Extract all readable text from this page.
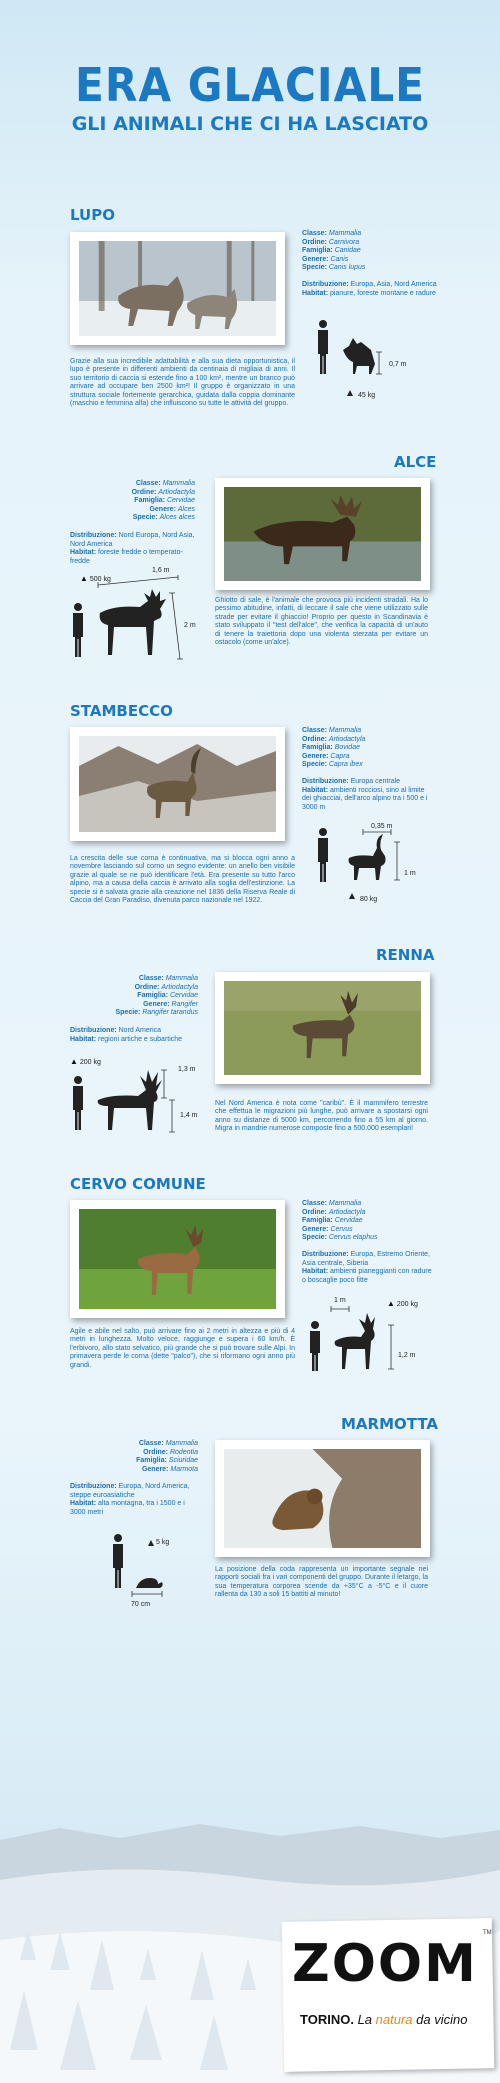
ERA GLACIALE
GLI ANIMALI CHE CI HA LASCIATO
LUPO
Classe: Mammalia
Ordine: Carnivora
Famiglia: Canidae
Genere: Canis
Specie: Canis lupus
Distribuzione: Europa, Asia, Nord America
Habitat: pianure, foreste montane e radure
0,7 m
45 kg
Grazie alla sua incredibile adattabilità e alla sua dieta opportunistica, il lupo è presente in differenti ambienti da centinaia di migliaia di anni. Il suo territorio di caccia si estende fino a 100 km², mentre un branco può arrivare ad occupare ben 2500 km²! Il gruppo è organizzato in una struttura sociale fortemente gerarchica, guidata dalla coppia dominante (maschio e femmina alfa) che influiscono su tutte le attività del gruppo.
ALCE
Classe: Mammalia
Ordine: Artiodactyla
Famiglia: Cervidae
Genere: Alces
Specie: Alces alces
Distribuzione: Nord Europa, Nord Asia, Nord America
Habitat: foreste fredde o temperato-fredde
▲ 500 kg
1,6 m
2 m
Ghiotto di sale, è l'animale che provoca più incidenti stradali. Ha lo pessimo abitudine, infatti, di leccare il sale che viene utilizzato sulle strade per evitare il ghiaccio! Proprio per questo in Scandinavia è stato sviluppato il "test dell'alce", che verifica la capacità di un'auto di tenere la traiettoria dopo una violenta sterzata per evitare un ostacolo (come un'alce).
STAMBECCO
Classe: Mammalia
Ordine: Artiodactyla
Famiglia: Bovidae
Genere: Capra
Specie: Capra ibex
Distribuzione: Europa centrale
Habitat: ambienti rocciosi, sino al limite dei ghiacciai, dell'arco alpino tra i 500 e i 3000 m
0,35 m
1 m
80 kg
La crescita delle sue corna è continuativa, ma si blocca ogni anno a novembre lasciando sul corno un segno evidente: un anello ben visibile grazie al quale se ne può identificare l'età. Era presente su tutto l'arco alpino, ma a causa della caccia è arrivato alla soglia dell'estinzione. La specie si è salvata grazie alla creazione nel 1836 della Riserva Reale di Caccia del Gran Paradiso, divenuta parco nazionale nel 1922.
RENNA
Classe: Mammalia
Ordine: Artiodactyla
Famiglia: Cervidae
Genere: Rangifer
Specie: Rangifer tarandus
Distribuzione: Nord America
Habitat: regioni artiche e subartiche
▲ 200 kg
1,3 m
1,4 m
Nel Nord America è nota come "caribù". È il mammifero terrestre che effettua le migrazioni più lunghe, può arrivare a spostarsi ogni anno su distanze di 5000 km, percorrendo fino a 55 km al giorno. Migra in mandrie numerose composte fino a 500.000 esemplari!
CERVO COMUNE
Classe: Mammalia
Ordine: Artiodactyla
Famiglia: Cervidae
Genere: Cervus
Specie: Cervus elaphus
Distribuzione: Europa, Estremo Oriente, Asia centrale, Siberia
Habitat: ambienti pianeggianti con radure o boscaglie poco fitte
1 m	▲ 200 kg
1,2 m
Agile e abile nel salto, può arrivare fino ai 2 metri in altezza e più di 4 metri in lunghezza. Molto veloce, raggiunge e supera i 60 km/h. È l'erbivoro, allo stato selvatico, più grande che si può trovare sulle Alpi. In primavera perde le corna (dette "palco"), che si riformano ogni anno più grandi.
MARMOTTA
Classe: Mammalia
Ordine: Rodentia
Famiglia: Sciuridae
Genere: Marmota
Distribuzione: Europa, Nord America, steppe euroasiatiche
Habitat: alta montagna, tra i 1500 e i 3000 metri
5 kg
70 cm
La posizione della coda rappresenta un importante segnale nei rapporti sociali fra i vari componenti del gruppo. Durante il letargo, la sua temperatura corporea scende da +35°C a -5°C e il cuore rallenta da 130 a soli 15 battiti al minuto!
ZOOM
TM
TORINO. La natura da vicino
